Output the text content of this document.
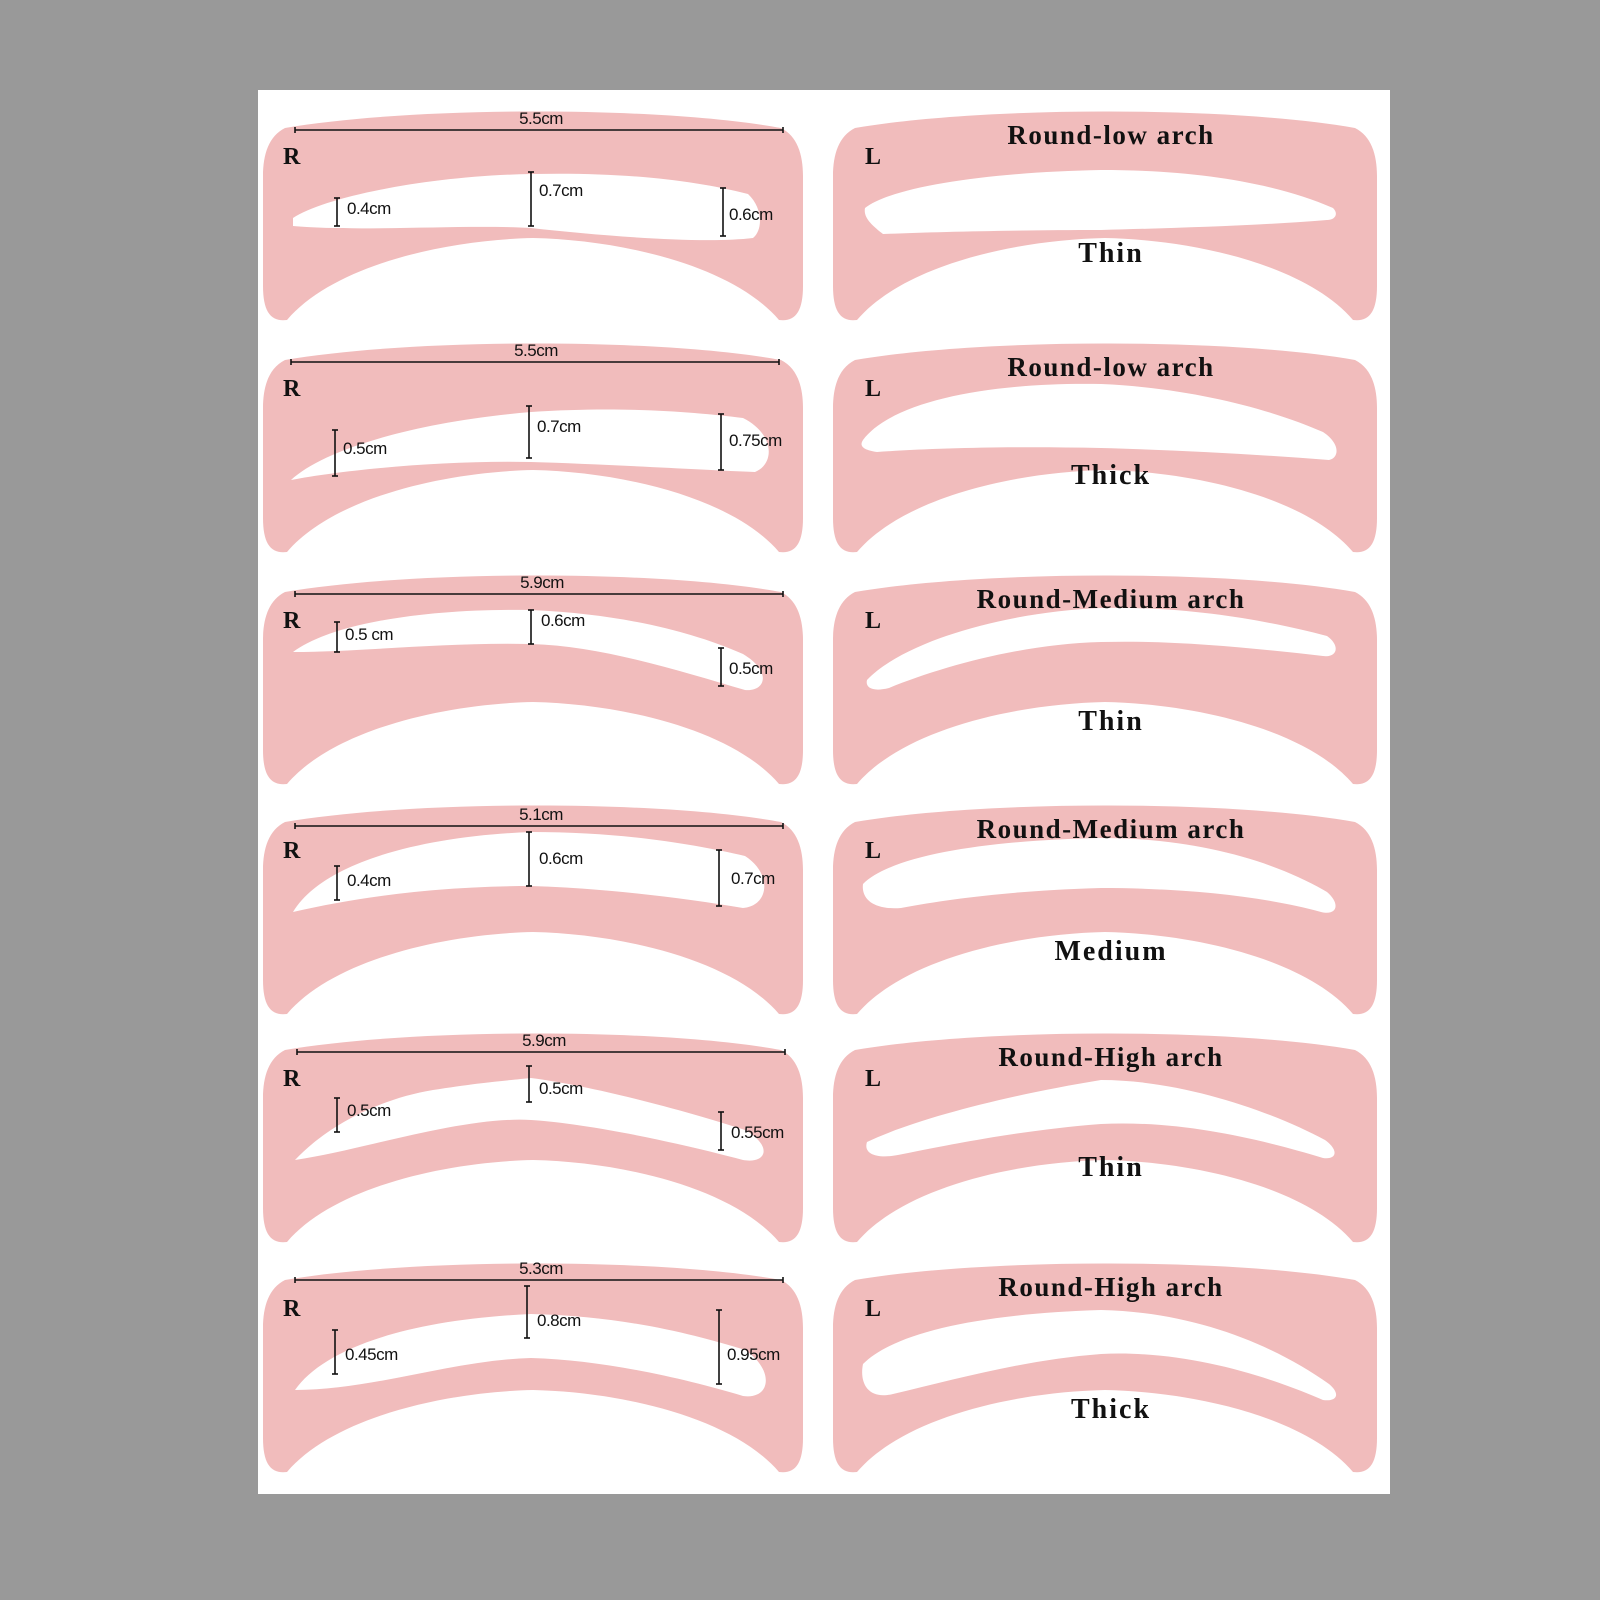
5.5cm
R
0.4cm
0.7cm
0.6cm
5.5cm
R
0.5cm
0.7cm
0.75cm
5.9cm
R
0.5 cm
0.6cm
0.5cm
5.1cm
R
0.4cm
0.6cm
0.7cm
5.9cm
R
0.5cm
0.5cm
0.55cm
5.3cm
R
0.45cm
0.8cm
0.95cm
L
Round-low arch
Thin
L
Round-low arch
Thick
L
Round-Medium arch
Thin
L
Round-Medium arch
Medium
L
Round-High arch
Thin
L
Round-High arch
Thick
